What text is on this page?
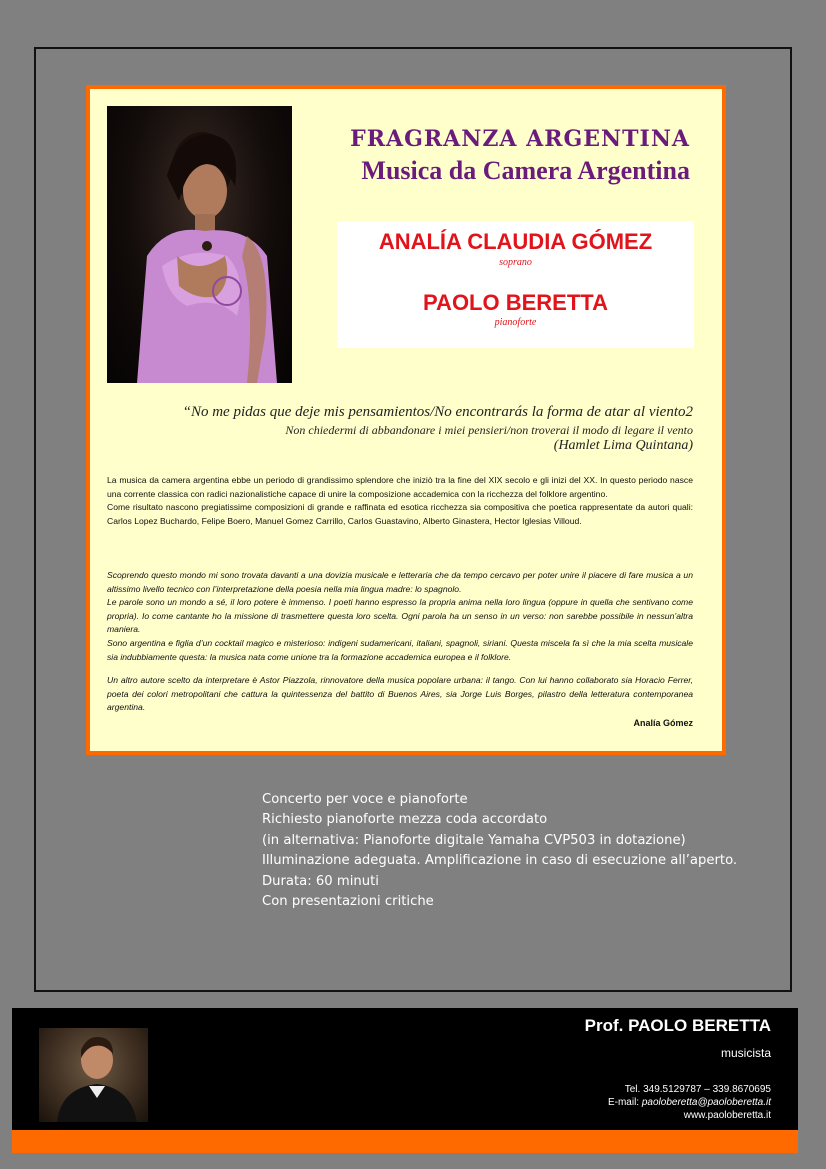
FRAGRANZA ARGENTINA
Musica da Camera Argentina
ANALÍA CLAUDIA GÓMEZ
soprano
PAOLO BERETTA
pianoforte
“No me pidas que deje mis pensamientos/No encontrarás la forma de atar al viento2
Non chiedermi di abbandonare i miei pensieri/non troverai il modo di legare il vento
(Hamlet Lima Quintana)

La musica da camera argentina ebbe un periodo di grandissimo splendore che iniziò tra la fine del XIX secolo e gli inizi del XX. In questo periodo nasce una corrente classica con radici nazionalistiche capace di unire la composizione accademica con la ricchezza del folklore argentino.

Come risultato nascono pregiatissime composizioni di grande e raffinata ed esotica ricchezza sia compositiva che poetica rappresentate da autori quali: Carlos Lopez Buchardo, Felipe Boero, Manuel Gomez Carrillo, Carlos Guastavino, Alberto Ginastera, Hector Iglesias Villoud.

Scoprendo questo mondo mi sono trovata davanti a una dovizia musicale e letteraria che da tempo cercavo per poter unire il piacere di fare musica a un altissimo livello tecnico con l’interpretazione della poesia nella mia lingua madre: lo spagnolo.

Le parole sono un mondo a sé, il loro potere è immenso. I poeti hanno espresso la propria anima nella loro lingua (oppure in quella che sentivano come propria). Io come cantante ho la missione di trasmettere questa loro scelta. Ogni parola ha un senso in un verso: non sarebbe possibile in nessun’altra maniera.

Sono argentina e figlia d’un cocktail magico e misterioso: indigeni sudamericani, italiani, spagnoli, siriani. Questa miscela fa sì che la mia scelta musicale sia indubbiamente questa: la musica nata come unione tra la formazione accademica europea e il folklore.

Un altro autore scelto da interpretare è Astor Piazzola, rinnovatore della musica popolare urbana: il tango. Con lui hanno collaborato sia Horacio Ferrer, poeta dei colori metropolitani che cattura la quintessenza del battito di Buenos Aires, sia Jorge Luis Borges, pilastro della letteratura contemporanea argentina.

Analía Gómez
Concerto per voce e pianoforte
Richiesto pianoforte mezza coda accordato
(in alternativa: Pianoforte digitale Yamaha CVP503 in dotazione)
Illuminazione adeguata. Amplificazione in caso di esecuzione all’aperto.
Durata: 60 minuti
Con presentazioni critiche
Prof. PAOLO BERETTA
musicista
Tel. 349.5129787 – 339.8670695
E-mail: paoloberetta@paoloberetta.it
www.paoloberetta.it
